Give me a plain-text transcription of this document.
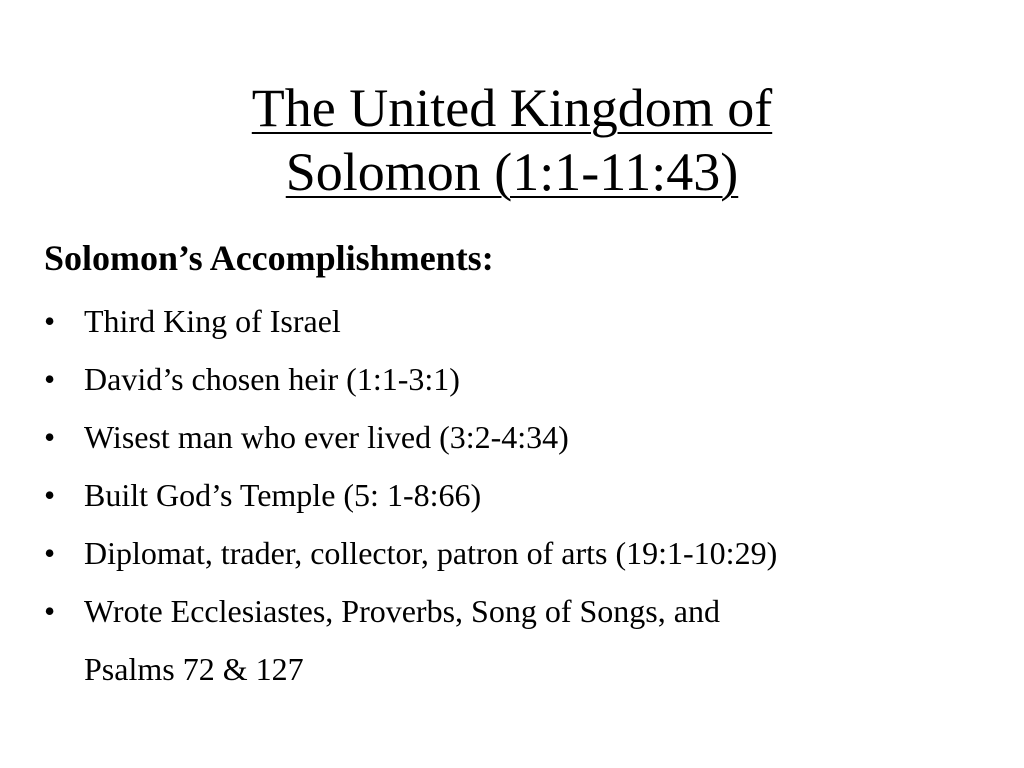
The United Kingdom of
Solomon (1:1-11:43)
Solomon’s Accomplishments:
• Third King of Israel
• David’s chosen heir (1:1-3:1)
• Wisest man who ever lived (3:2-4:34)
• Built God’s Temple (5: 1-8:66)
• Diplomat, trader, collector, patron of arts (19:1-10:29)
• Wrote Ecclesiastes, Proverbs, Song of Songs, and
Psalms 72 & 127
